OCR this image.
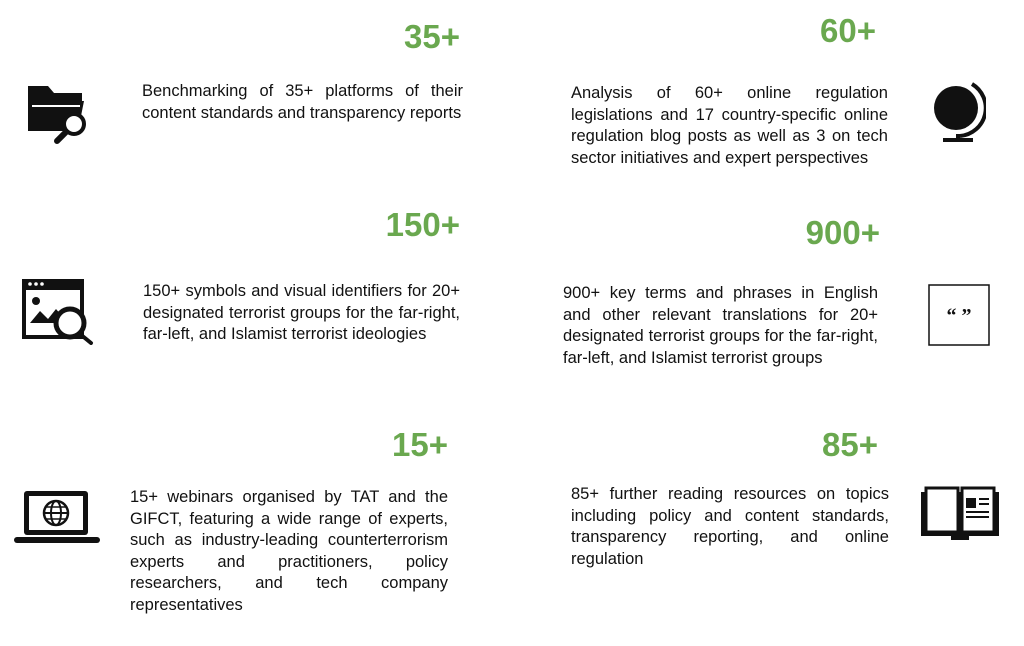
35+
Benchmarking of 35+ platforms of their content standards and transparency reports
60+
Analysis of 60+ online regulation legislations and 17 country-specific online regulation blog posts as well as 3 on tech sector initiatives and expert perspectives
150+
150+ symbols and visual identifiers for 20+ designated terrorist groups for the far-right, far-left, and Islamist terrorist ideologies
900+
900+ key terms and phrases in English and other relevant translations for 20+ designated terrorist groups for the far-right, far-left, and Islamist terrorist groups
“ ”
15+
15+ webinars organised by TAT and the GIFCT, featuring a wide range of experts, such as industry-leading counterterrorism experts and practitioners, policy researchers, and tech company representatives
85+
85+ further reading resources on topics including policy and content standards, transparency reporting, and online regulation
